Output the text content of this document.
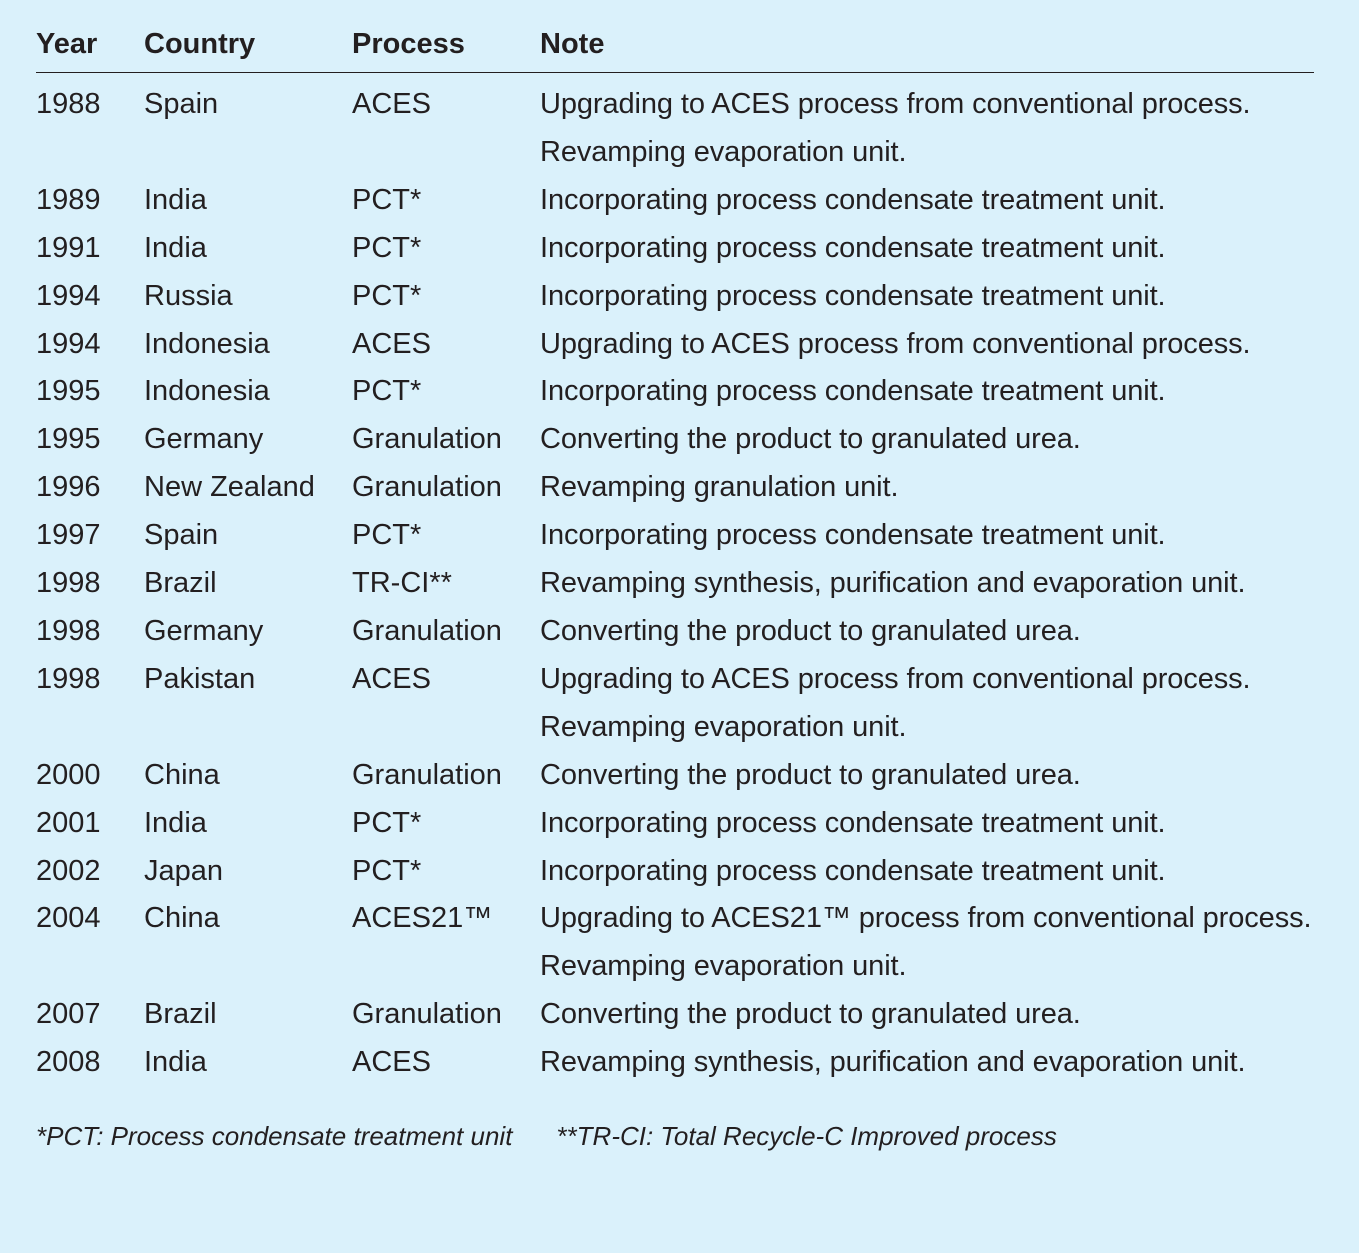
Year	Country	Process	Note
1988	Spain	ACES	Upgrading to ACES process from conventional process. Revamping evaporation unit.
1989	India	PCT*	Incorporating process condensate treatment unit.
1991	India	PCT*	Incorporating process condensate treatment unit.
1994	Russia	PCT*	Incorporating process condensate treatment unit.
1994	Indonesia	ACES	Upgrading to ACES process from conventional process.
1995	Indonesia	PCT*	Incorporating process condensate treatment unit.
1995	Germany	Granulation	Converting the product to granulated urea.
1996	New Zealand	Granulation	Revamping granulation unit.
1997	Spain	PCT*	Incorporating process condensate treatment unit.
1998	Brazil	TR-CI**	Revamping synthesis, purification and evaporation unit.
1998	Germany	Granulation	Converting the product to granulated urea.
1998	Pakistan	ACES	Upgrading to ACES process from conventional process. Revamping evaporation unit.
2000	China	Granulation	Converting the product to granulated urea.
2001	India	PCT*	Incorporating process condensate treatment unit.
2002	Japan	PCT*	Incorporating process condensate treatment unit.
2004	China	ACES21™	Upgrading to ACES21™ process from conventional process. Revamping evaporation unit.
2007	Brazil	Granulation	Converting the product to granulated urea.
2008	India	ACES	Revamping synthesis, purification and evaporation unit.
*PCT: Process condensate treatment unit **TR-CI: Total Recycle-C Improved process
